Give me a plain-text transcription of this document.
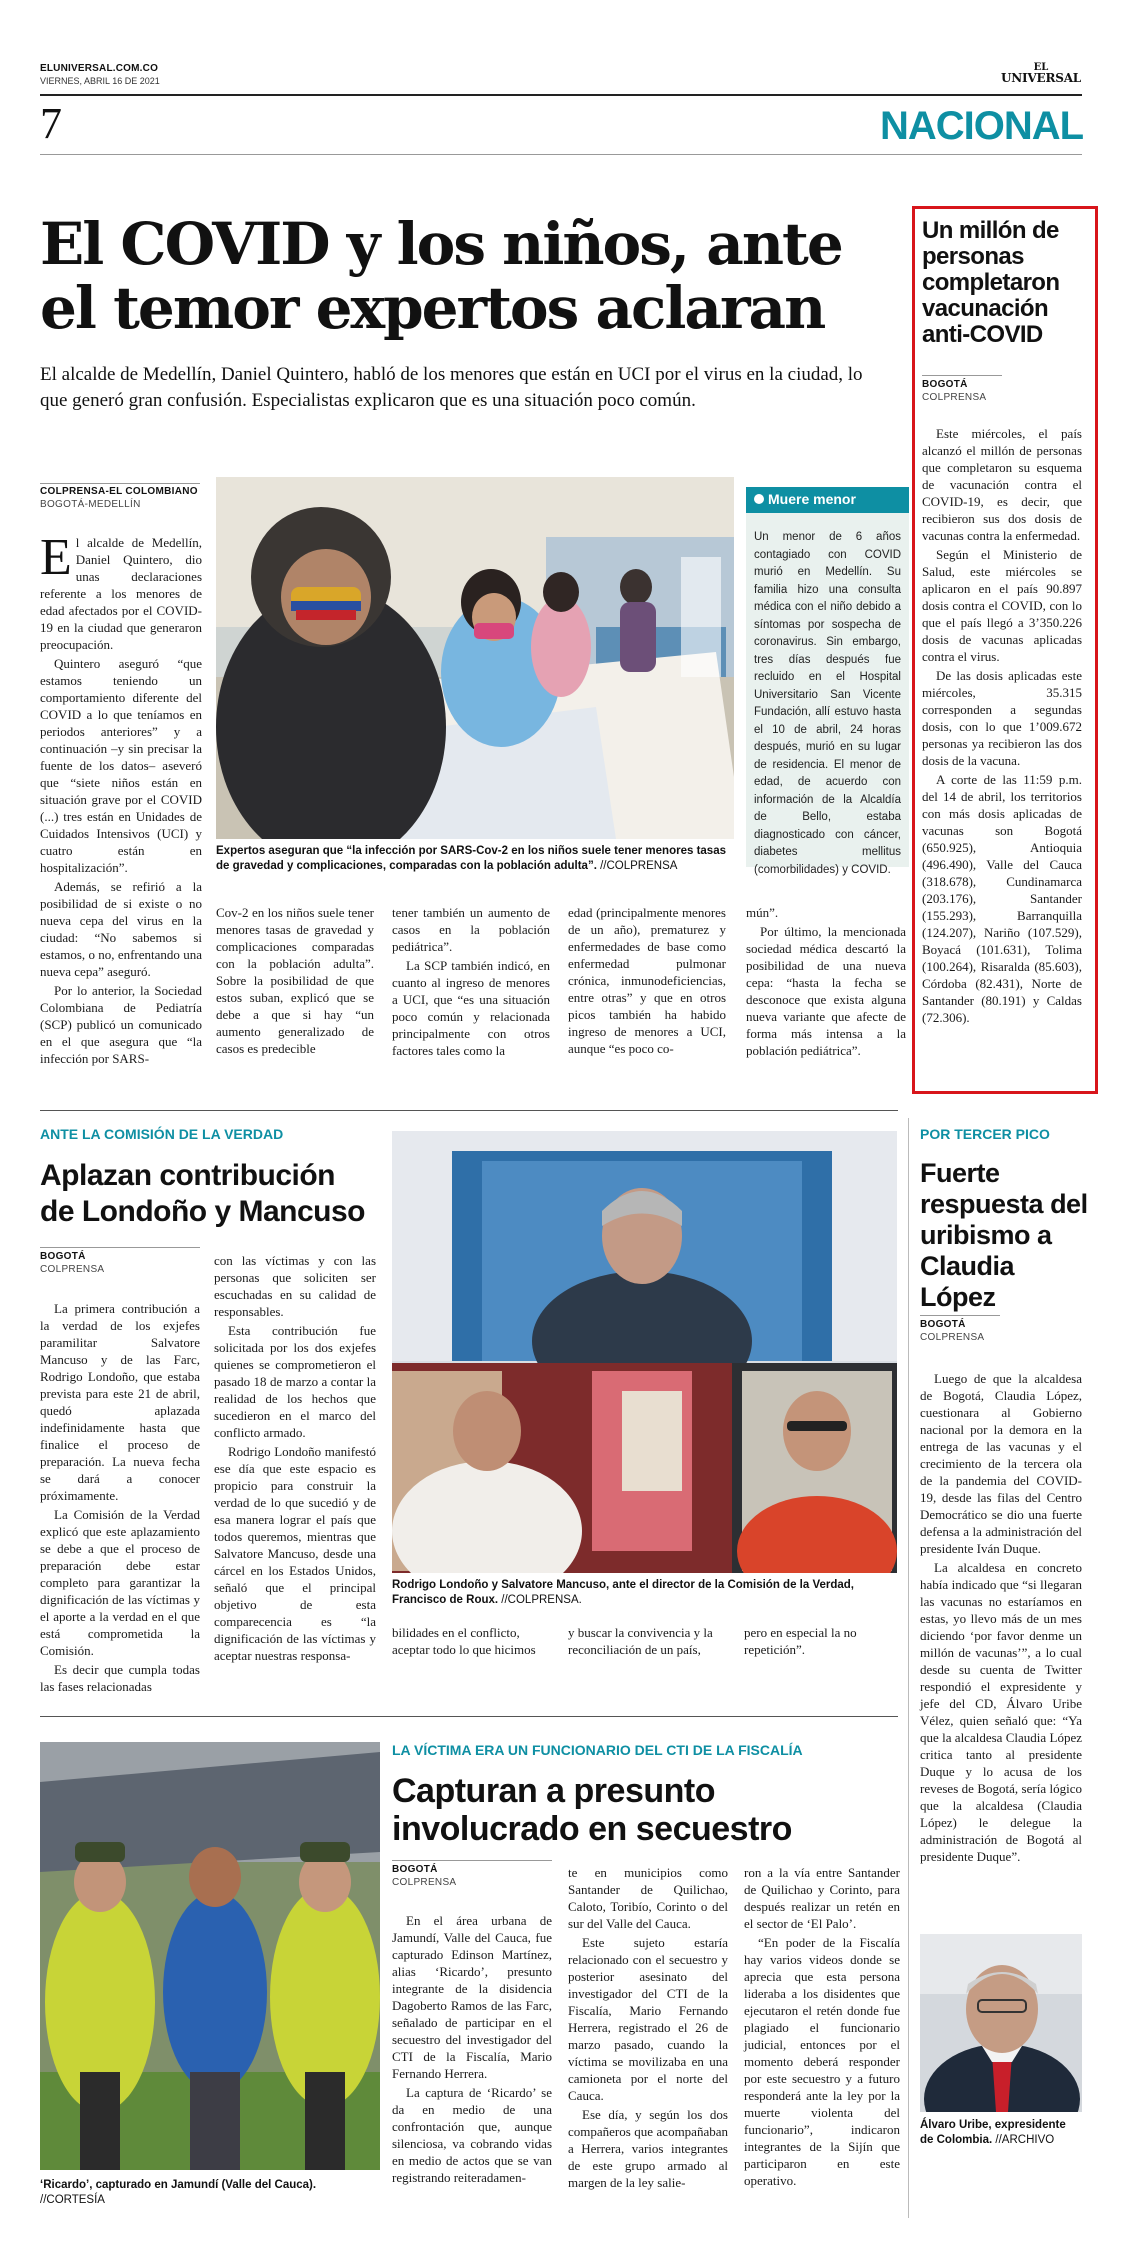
ELUNIVERSAL.COM.CO
VIERNES, ABRIL 16 DE 2021
EL
UNIVERSAL
7	NACIONAL
El COVID y los niños, ante
el temor expertos aclaran
El alcalde de Medellín, Daniel Quintero, habló de los menores que están en UCI por el virus en la ciudad, lo que generó gran confusión. Especialistas explicaron que es una situación poco común.
COLPRENSA-EL COLOMBIANO
BOGOTÁ-MEDELLÍN

El alcalde de Medellín, Daniel Quintero, dio unas declaraciones referente a los menores de edad afectados por el COVID-19 en la ciudad que generaron preocupación.

Quintero aseguró “que estamos teniendo un comportamiento diferente del COVID a lo que teníamos en periodos anteriores” y a continuación –y sin precisar la fuente de los datos– aseveró que “siete niños están en situación grave por el COVID (...) tres están en Unidades de Cuidados Intensivos (UCI) y cuatro están en hospitalización”.

Además, se refirió a la posibilidad de si existe o no nueva cepa del virus en la ciudad: “No sabemos si estamos, o no, enfrentando una nueva cepa” aseguró.

Por lo anterior, la Sociedad Colombiana de Pediatría (SCP) publicó un comunicado en el que asegura que “la infección por SARS-

Expertos aseguran que “la infección por SARS-Cov-2 en los niños suele tener menores tasas de gravedad y complicaciones, comparadas con la población adulta”. //COLPRENSA
Muere menor
Un menor de 6 años contagiado con COVID murió en Medellín. Su familia hizo una consulta médica con el niño debido a síntomas por sospecha de coronavirus. Sin embargo, tres días después fue recluido en el Hospital Universitario San Vicente Fundación, allí estuvo hasta el 10 de abril, 24 horas después, murió en su lugar de residencia. El menor de edad, de acuerdo con información de la Alcaldía de Bello, estaba diagnosticado con cáncer, diabetes mellitus (comorbilidades) y COVID.

Cov-2 en los niños suele tener menores tasas de gravedad y complicaciones comparadas con la población adulta”. Sobre la posibilidad de que estos suban, explicó que se debe a que si hay “un aumento generalizado de casos es predecible

tener también un aumento de casos en la población pediátrica”.

La SCP también indicó, en cuanto al ingreso de menores a UCI, que “es una situación poco común y relacionada principalmente con otros factores tales como la

edad (principalmente menores de un año), prematurez y enfermedades de base como enfermedad pulmonar crónica, inmunodeficiencias, entre otras” y que en otros picos también ha habido ingreso de menores a UCI, aunque “es poco co-

mún”.

Por último, la mencionada sociedad médica descartó la posibilidad de una nueva cepa: “hasta la fecha se desconoce que exista alguna nueva variante que afecte de forma más intensa a la población pediátrica”.

Un millón de personas completaron vacunación anti-COVID
BOGOTÁ
COLPRENSA

Este miércoles, el país alcanzó el millón de personas que completaron su esquema de vacunación contra el COVID-19, es decir, que recibieron sus dos dosis de vacunas contra la enfermedad.

Según el Ministerio de Salud, este miércoles se aplicaron en el país 90.897 dosis contra el COVID, con lo que el país llegó a 3’350.226 dosis de vacunas aplicadas contra el virus.

De las dosis aplicadas este miércoles, 35.315 corresponden a segundas dosis, con lo que 1’009.672 personas ya recibieron las dos dosis de la vacuna.

A corte de las 11:59 p.m. del 14 de abril, los territorios con más dosis aplicadas de vacunas son Bogotá (650.925), Antioquia (496.490), Valle del Cauca (318.678), Cundinamarca (203.176), Santander (155.293), Barranquilla (124.207), Nariño (107.529), Boyacá (101.631), Tolima (100.264), Risaralda (85.603), Córdoba (82.431), Norte de Santander (80.191) y Caldas (72.306).

ANTE LA COMISIÓN DE LA VERDAD
Aplazan contribución
de Londoño y Mancuso
BOGOTÁ
COLPRENSA

La primera contribución a la verdad de los exjefes paramilitar Salvatore Mancuso y de las Farc, Rodrigo Londoño, que estaba prevista para este 21 de abril, quedó aplazada indefinidamente hasta que finalice el proceso de preparación. La nueva fecha se dará a conocer próximamente.

La Comisión de la Verdad explicó que este aplazamiento se debe a que el proceso de preparación debe estar completo para garantizar la dignificación de las víctimas y el aporte a la verdad en el que está comprometida la Comisión.

Es decir que cumpla todas las fases relacionadas

con las víctimas y con las personas que soliciten ser escuchadas en su calidad de responsables.

Esta contribución fue solicitada por los dos exjefes quienes se comprometieron el pasado 18 de marzo a contar la realidad de los hechos que sucedieron en el marco del conflicto armado.

Rodrigo Londoño manifestó ese día que este espacio es propicio para construir la verdad de lo que sucedió y de esa manera lograr el país que todos queremos, mientras que Salvatore Mancuso, desde una cárcel en los Estados Unidos, señaló que el principal objetivo de esta comparecencia es “la dignificación de las víctimas y aceptar nuestras responsa-

Rodrigo Londoño y Salvatore Mancuso, ante el director de la Comisión de la Verdad, Francisco de Roux. //COLPRENSA.
bilidades en el conflicto, aceptar todo lo que hicimos
y buscar la convivencia y la reconciliación de un país,
pero en especial la no repetición”.
POR TERCER PICO
Fuerte respuesta del uribismo a Claudia López
BOGOTÁ
COLPRENSA

Luego de que la alcaldesa de Bogotá, Claudia López, cuestionara al Gobierno nacional por la demora en la entrega de las vacunas y el crecimiento de la tercera ola de la pandemia del COVID-19, desde las filas del Centro Democrático se dio una fuerte defensa a la administración del presidente Iván Duque.

La alcaldesa en concreto había indicado que “si llegaran las vacunas no estaríamos en estas, yo llevo más de un mes diciendo ‘por favor denme un millón de vacunas’”, a lo cual desde su cuenta de Twitter respondió el expresidente y jefe del CD, Álvaro Uribe Vélez, quien señaló que: “Ya que la alcaldesa Claudia López critica tanto al presidente Duque y lo acusa de los reveses de Bogotá, sería lógico que la alcaldesa (Claudia López) le delegue la administración de Bogotá al presidente Duque”.

Álvaro Uribe, expresidente de Colombia. //ARCHIVO
‘Ricardo’, capturado en Jamundí (Valle del Cauca). //CORTESÍA
LA VÍCTIMA ERA UN FUNCIONARIO DEL CTI DE LA FISCALÍA
Capturan a presunto
involucrado en secuestro
BOGOTÁ
COLPRENSA

En el área urbana de Jamundí, Valle del Cauca, fue capturado Edinson Martínez, alias ‘Ricardo’, presunto integrante de la disidencia Dagoberto Ramos de las Farc, señalado de participar en el secuestro del investigador del CTI de la Fiscalía, Mario Fernando Herrera.

La captura de ‘Ricardo’ se da en medio de una confrontación que, aunque silenciosa, va cobrando vidas en medio de actos que se van registrando reiteradamen-

te en municipios como Santander de Quilichao, Caloto, Toribío, Corinto o del sur del Valle del Cauca.

Este sujeto estaría relacionado con el secuestro y posterior asesinato del investigador del CTI de la Fiscalía, Mario Fernando Herrera, registrado el 26 de marzo pasado, cuando la víctima se movilizaba en una camioneta por el norte del Cauca.

Ese día, y según los dos compañeros que acompañaban a Herrera, varios integrantes de este grupo armado al margen de la ley salie-

ron a la vía entre Santander de Quilichao y Corinto, para después realizar un retén en el sector de ‘El Palo’.

“En poder de la Fiscalía hay varios videos donde se aprecia que esta persona lideraba a los disidentes que ejecutaron el retén donde fue plagiado el funcionario judicial, entonces por el momento deberá responder por este secuestro y a futuro responderá ante la ley por la muerte violenta del funcionario”, indicaron integrantes de la Sijín que participaron en este operativo.
